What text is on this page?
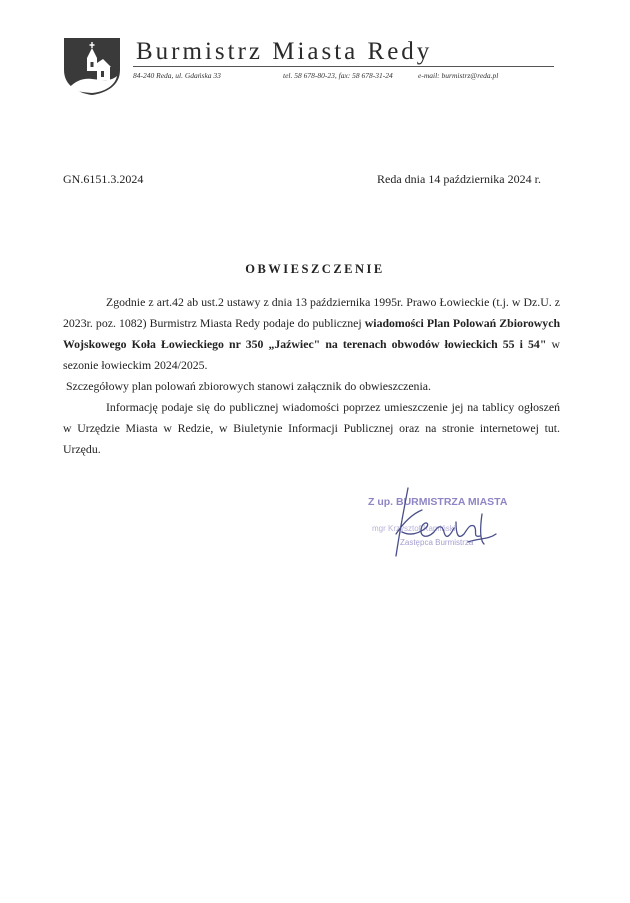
Burmistrz Miasta Redy
84-240 Reda, ul. Gdańska 33	tel. 58 678-80-23, fax: 58 678-31-24	e-mail: burmistrz@reda.pl
GN.6151.3.2024	Reda dnia 14 października 2024 r.
OBWIESZCZENIE

Zgodnie z art.42 ab ust.2 ustawy z dnia 13 października 1995r. Prawo Łowieckie (t.j. w Dz.U. z 2023r. poz. 1082) Burmistrz Miasta Redy podaje do publicznej wiadomości Plan Polowań Zbiorowych Wojskowego Koła Łowieckiego nr 350 „Jaźwiec" na terenach obwodów łowieckich 55 i 54" w sezonie łowieckim 2024/2025.

Szczegółowy plan polowań zbiorowych stanowi załącznik do obwieszczenia.

Informację podaje się do publicznej wiadomości poprzez umieszczenie jej na tablicy ogłoszeń w Urzędzie Miasta w Redzie, w Biuletynie Informacji Publicznej oraz na stronie internetowej tut. Urzędu.

Z up. BURMISTRZA MIASTA
mgr Krzysztof Kamiński
Zastępca Burmistrza
